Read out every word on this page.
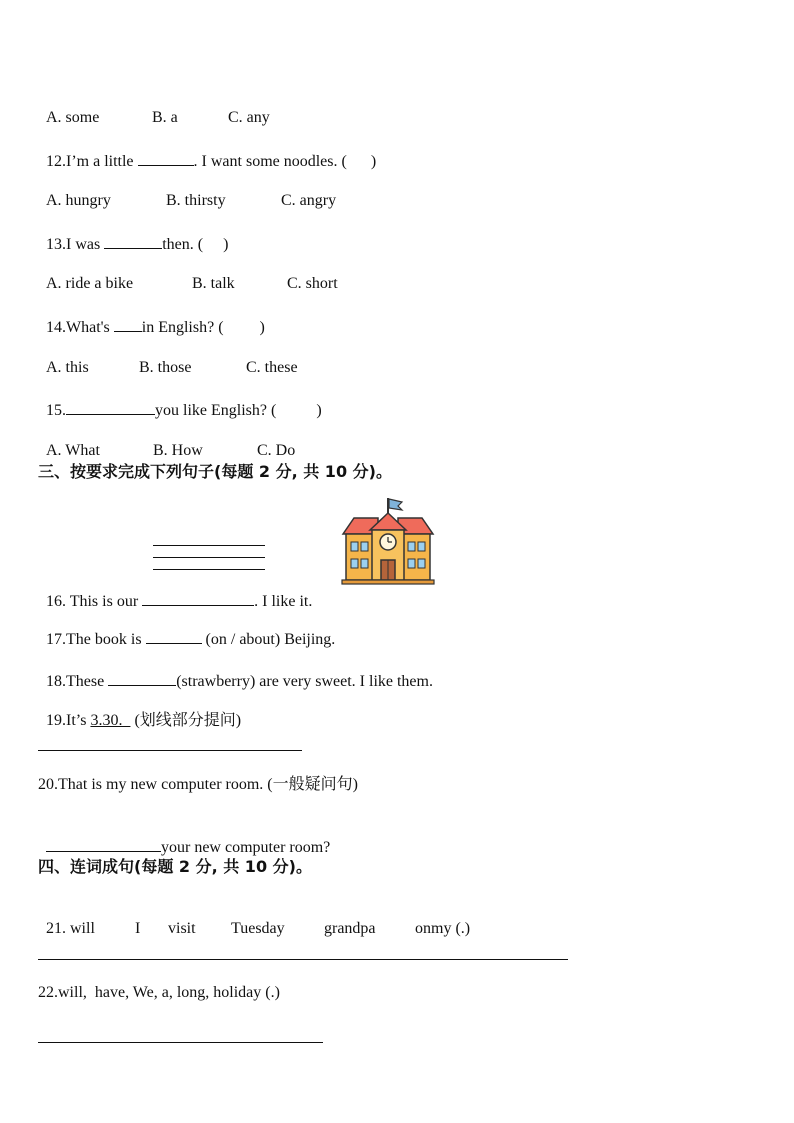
A. some	B. a	C. any

12.I’m a little	. I want some noodles. (      )

A. hungry	B. thirsty	C. angry

13.I was	then. (     )

A. ride a bike	B. talk	C. short

14.What's in English? (         )

A. this	B. those	C. these

15.	you like English? (          )

A. What	B. How	C. Do

三、按要求完成下列句子(每题 2 分, 共 10 分)。

16. This is our	. I like it.

17.The book is	(on / about) Beijing.

18.These	(strawberry) are very sweet. I like them.

19.It’s 3.30.   (划线部分提问)

20.That is my new computer room. (一般疑问句)

your new computer room?

四、连词成句(每题 2 分, 共 10 分)。

21. will	I visit Tuesday grandpa onmy (.)

22.will,  have, We, a, long, holiday (.)
